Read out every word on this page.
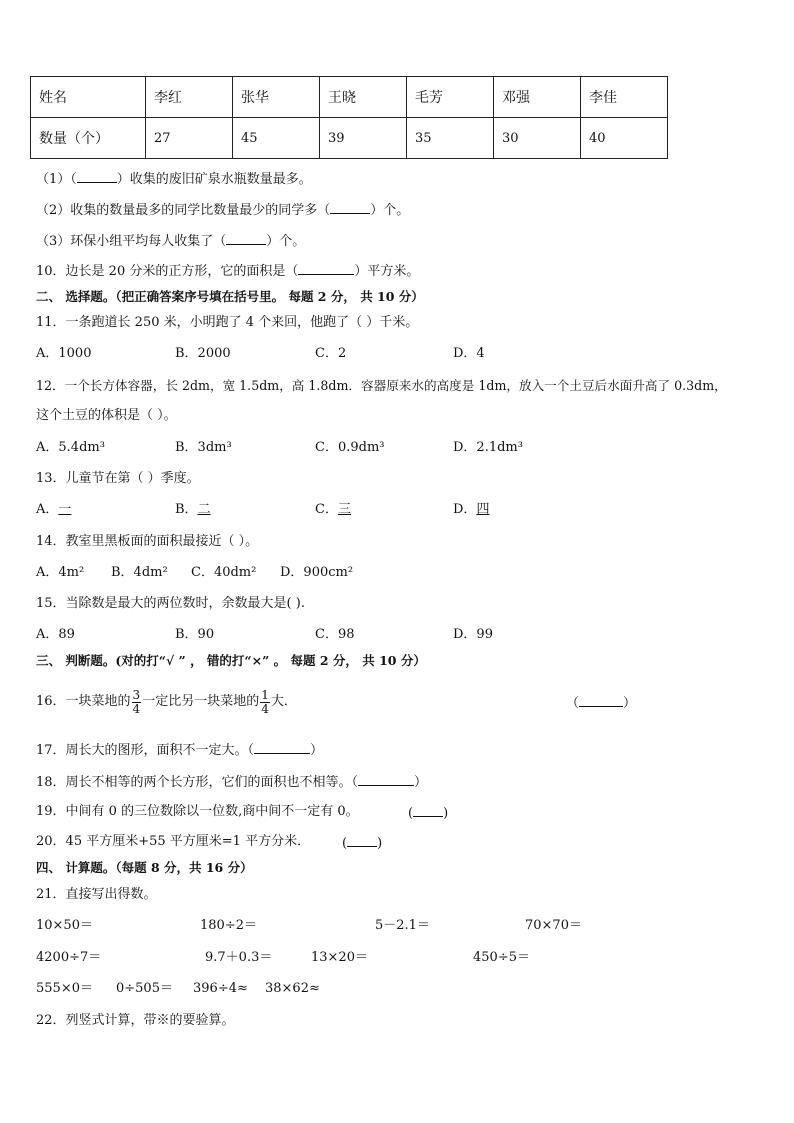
姓名	李红	张华	王晓	毛芳	邓强	李佳
数量（个）	27	45	39	35	30	40
（1）（	）收集的废旧矿泉水瓶数量最多。
（2）收集的数量最多的同学比数量最少的同学多（	）个。
（3）环保小组平均每人收集了（	）个。
10．边长是 20 分米的正方形，它的面积是（	）平方米。
二、 选择题。（把正确答案序号填在括号里。 每题 2 分， 共 10 分）
11．一条跑道长 250 米，小明跑了 4 个来回，他跑了（ ）千米。
A．1000	B．2000	C．2	D．4
12．一个长方体容器，长 2dm，宽 1.5dm，高 1.8dm．容器原来水的高度是 1dm，放入一个土豆后水面升高了 0.3dm，
这个土豆的体积是（ ）。
A．5.4dm³	B．3dm³	C．0.9dm³	D．2.1dm³
13．儿童节在第（ ）季度。
A．一	B．二	C．三	D．四
14．教室里黑板面的面积最接近（ ）。
A．4m² B．4dm² C．40dm² D．900cm²
15．当除数是最大的两位数时，余数最大是( ).
A．89	B．90	C．98	D．99
三、 判断题。(对的打“√ ” ， 错的打“×” 。 每题 2 分， 共 10 分）
16．一块菜地的 $\frac{3}{4}$ 一定比另一块菜地的 $\frac{1}{4}$ 大．	（	）
17．周长大的图形，面积不一定大。（	）
18．周长不相等的两个长方形，它们的面积也不相等。（	）
19．中间有 0 的三位数除以一位数,商中间不一定有 0。	( )
20．45 平方厘米+55 平方厘米=1 平方分米． ( )
四、 计算题。（每题 8 分，共 16 分）
21．直接写出得数。
10×50＝	180÷2＝	5－2.1＝	70×70＝
4200÷7＝	9.7＋0.3＝	13×20＝	450÷5＝
555×0＝ 0÷505＝ 396÷4≈ 38×62≈
22．列竖式计算，带※的要验算。
